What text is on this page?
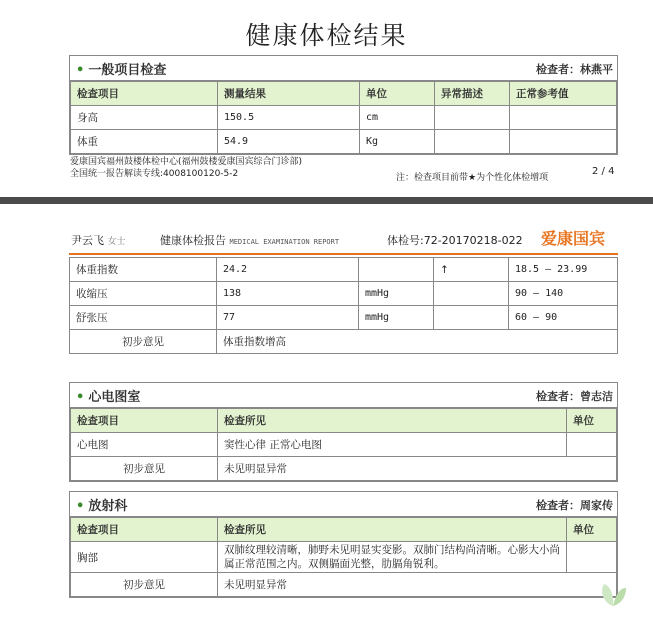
健康体检结果
• 一般项目检查	检查者：林燕平
检查项目	测量结果	单位	异常描述	正常参考值
身高	150.5	cm		
体重	54.9	Kg		
爱康国宾福州鼓楼体检中心(福州鼓楼爱康国宾综合门诊部)
全国统一报告解读专线:4008100120-5-2	注：检查项目前带★为个性化体检增项
2 / 4
尹云飞 女士	健康体检报告 MEDICAL EXAMINATION REPORT	体检号:72-20170218-022 爱康国宾
体重指数	24.2		↑	18.5 — 23.99
收缩压	138	mmHg		90 — 140
舒张压	77	mmHg		60 — 90
初步意见	体重指数增高			
• 心电图室	检查者：曾志洁
检查项目	检查所见	单位
心电图	窦性心律 正常心电图	
初步意见	未见明显异常	
• 放射科	检查者：周家传
检查项目	检查所见	单位
胸部	双肺纹理较清晰，肺野未见明显实变影。双肺门结构尚清晰。心影大小尚属正常范围之内。双侧膈面光整，肋膈角锐利。	
初步意见	未见明显异常	
